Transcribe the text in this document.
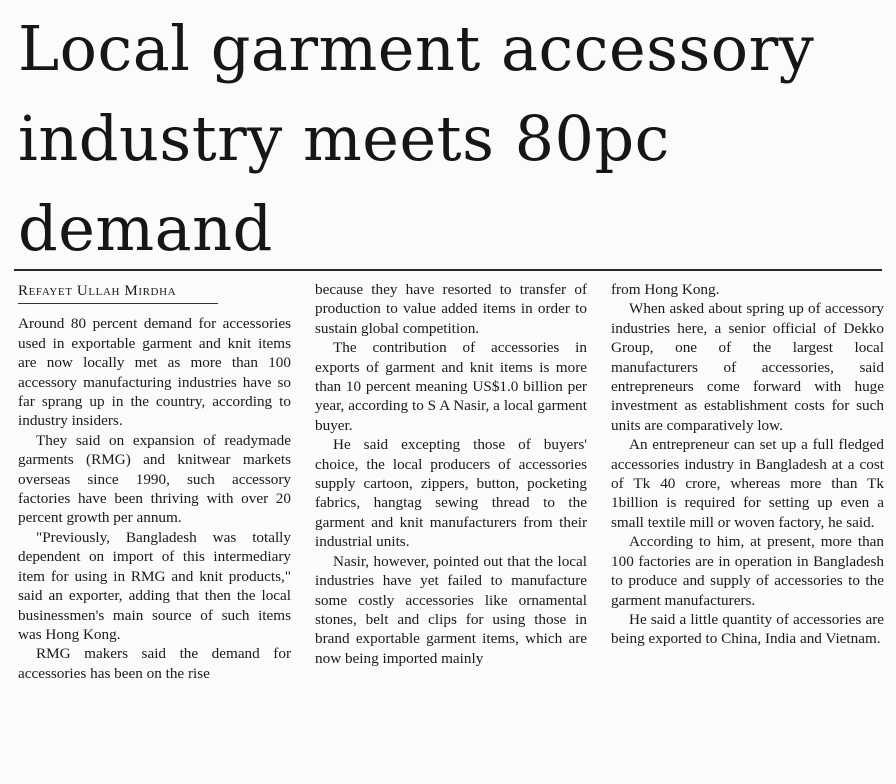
Local garment accessory industry meets 80pc demand
Refayet Ullah Mirdha

Around 80 percent demand for accessories used in exportable garment and knit items are now locally met as more than 100 accessory manufacturing industries have so far sprang up in the country, according to industry insiders.

They said on expansion of readymade garments (RMG) and knitwear markets overseas since 1990, such accessory factories have been thriving with over 20 percent growth per annum.

"Previously, Bangladesh was totally dependent on import of this intermediary item for using in RMG and knit products," said an exporter, adding that then the local businessmen's main source of such items was Hong Kong.

RMG makers said the demand for accessories has been on the rise

because they have resorted to transfer of production to value added items in order to sustain global competition.

The contribution of accessories in exports of garment and knit items is more than 10 percent meaning US$1.0 billion per year, according to S A Nasir, a local garment buyer.

He said excepting those of buyers' choice, the local producers of accessories supply cartoon, zippers, button, pocketing fabrics, hangtag sewing thread to the garment and knit manufacturers from their industrial units.

Nasir, however, pointed out that the local industries have yet failed to manufacture some costly accessories like ornamental stones, belt and clips for using those in brand exportable garment items, which are now being imported mainly

from Hong Kong.

When asked about spring up of accessory industries here, a senior official of Dekko Group, one of the largest local manufacturers of accessories, said entrepreneurs come forward with huge investment as establishment costs for such units are comparatively low.

An entrepreneur can set up a full fledged accessories industry in Bangladesh at a cost of Tk 40 crore, whereas more than Tk 1billion is required for setting up even a small textile mill or woven factory, he said.

According to him, at present, more than 100 factories are in operation in Bangladesh to produce and supply of accessories to the garment manufacturers.

He said a little quantity of accessories are being exported to China, India and Vietnam.
